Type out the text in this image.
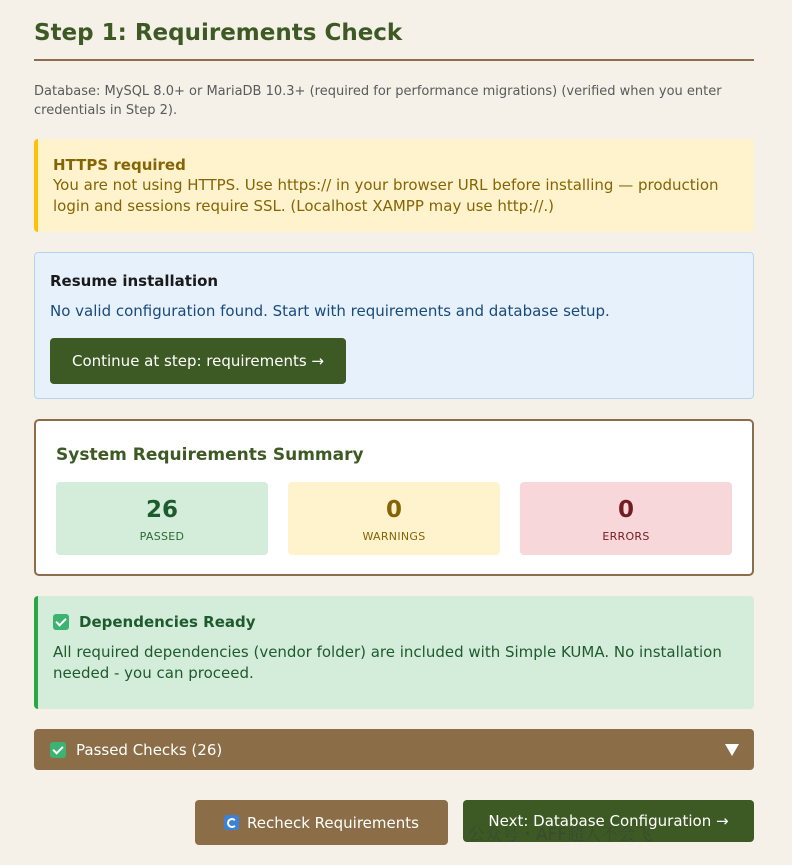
Step 1: Requirements Check

Database: MySQL 8.0+ or MariaDB 10.3+ (required for performance migrations) (verified when you enter credentials in Step 2).

HTTPS required
You are not using HTTPS. Use https:// in your browser URL before installing — production login and sessions require SSL. (Localhost XAMPP may use http://.)
Resume installation
No valid configuration found. Start with requirements and database setup.
Continue at step: requirements →
System Requirements Summary
26
PASSED
0
WARNINGS
0
ERRORS
Dependencies Ready
All required dependencies (vendor folder) are included with Simple KUMA. No installation needed - you can proceed.
Passed Checks (26)
Recheck Requirements	Next: Database Configuration →
公众号・AFF超人不会飞
